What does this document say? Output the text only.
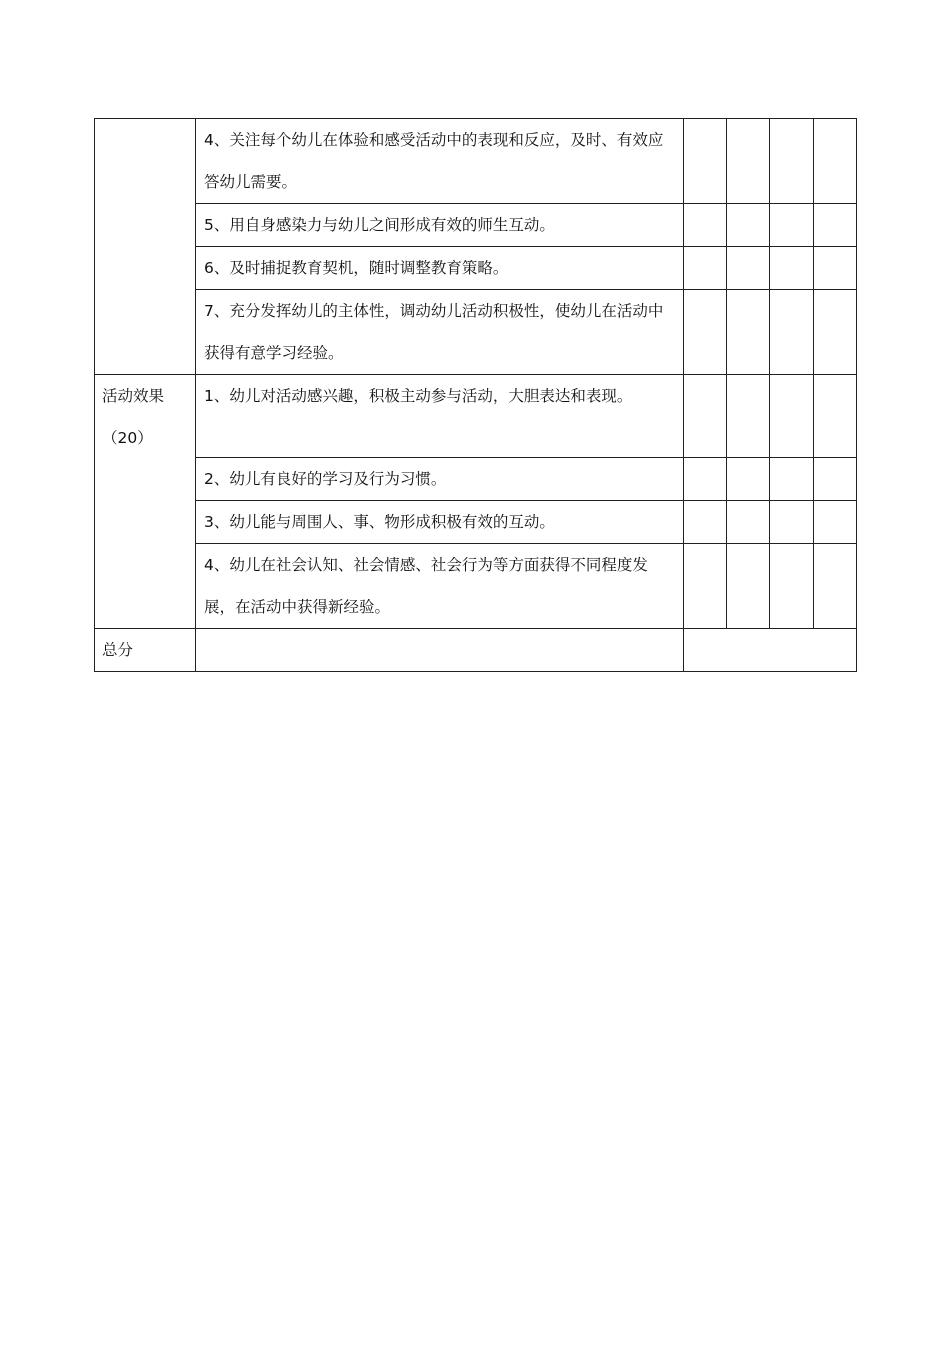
	4、关注每个幼儿在体验和感受活动中的表现和反应，及时、有效应答幼儿需要。				

	5、用自身感染力与幼儿之间形成有效的师生互动。				

	6、及时捕捉教育契机，随时调整教育策略。				

	7、充分发挥幼儿的主体性，调动幼儿活动积极性，使幼儿在活动中获得有意学习经验。				

活动效果
（20）	1、幼儿对活动感兴趣，积极主动参与活动，大胆表达和表现。				

	2、幼儿有良好的学习及行为习惯。				

	3、幼儿能与周围人、事、物形成积极有效的互动。				

	4、幼儿在社会认知、社会情感、社会行为等方面获得不同程度发展，在活动中获得新经验。				

总分					
